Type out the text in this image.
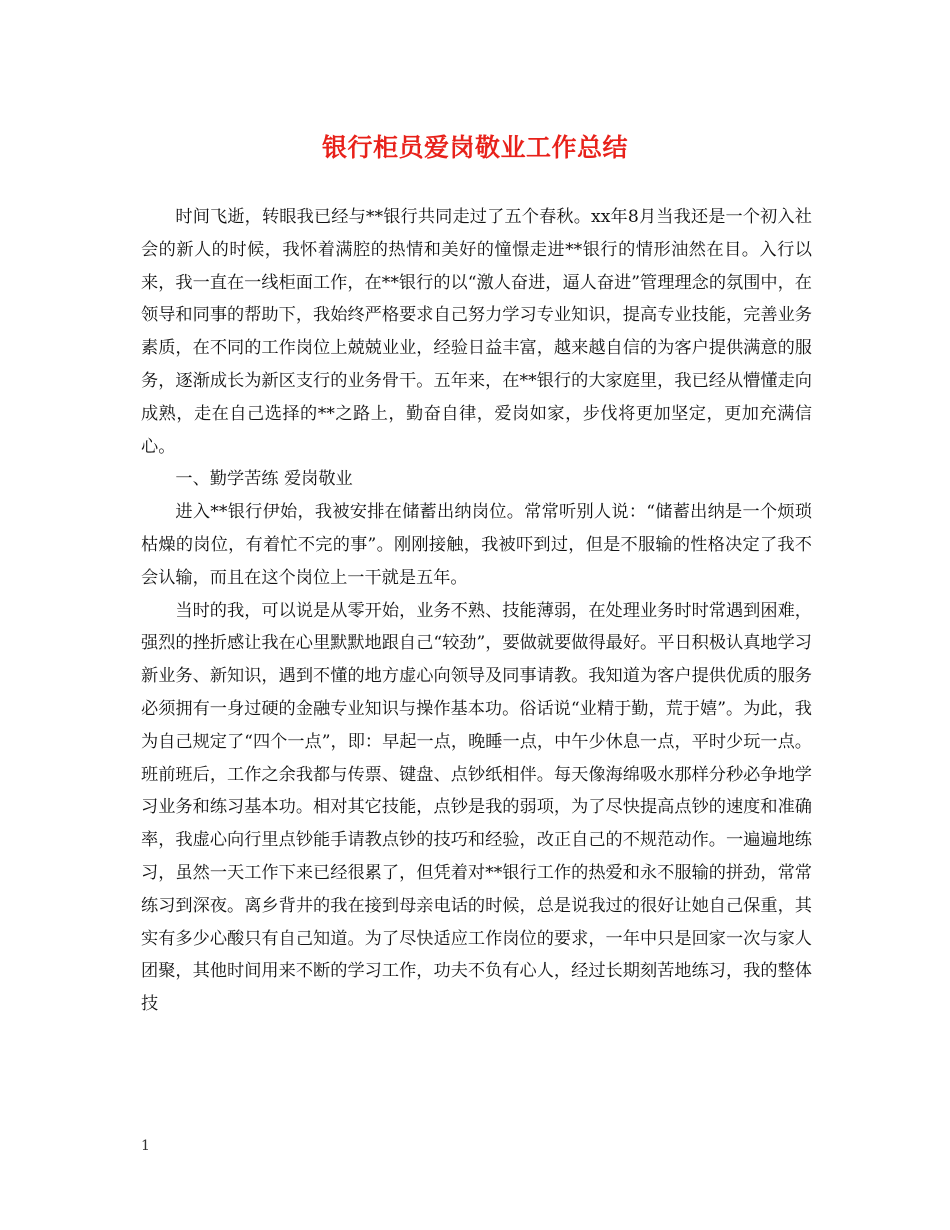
银行柜员爱岗敬业工作总结

时间飞逝，转眼我已经与**银行共同走过了五个春秋。xx年8月当我还是一个初入社会的新人的时候，我怀着满腔的热情和美好的憧憬走进**银行的情形油然在目。入行以来，我一直在一线柜面工作，在**银行的以“激人奋进，逼人奋进”管理理念的氛围中，在领导和同事的帮助下，我始终严格要求自己努力学习专业知识，提高专业技能，完善业务素质，在不同的工作岗位上兢兢业业，经验日益丰富，越来越自信的为客户提供满意的服务，逐渐成长为新区支行的业务骨干。五年来，在**银行的大家庭里，我已经从懵懂走向成熟，走在自己选择的**之路上，勤奋自律，爱岗如家，步伐将更加坚定，更加充满信心。

一、勤学苦练 爱岗敬业

进入**银行伊始，我被安排在储蓄出纳岗位。常常听别人说：“储蓄出纳是一个烦琐枯燥的岗位，有着忙不完的事”。刚刚接触，我被吓到过，但是不服输的性格决定了我不会认输，而且在这个岗位上一干就是五年。

当时的我，可以说是从零开始，业务不熟、技能薄弱，在处理业务时时常遇到困难，强烈的挫折感让我在心里默默地跟自己“较劲”，要做就要做得最好。平日积极认真地学习新业务、新知识，遇到不懂的地方虚心向领导及同事请教。我知道为客户提供优质的服务必须拥有一身过硬的金融专业知识与操作基本功。俗话说“业精于勤，荒于嬉”。为此，我为自己规定了“四个一点”，即：早起一点，晚睡一点，中午少休息一点，平时少玩一点。班前班后，工作之余我都与传票、键盘、点钞纸相伴。每天像海绵吸水那样分秒必争地学习业务和练习基本功。相对其它技能，点钞是我的弱项，为了尽快提高点钞的速度和准确率，我虚心向行里点钞能手请教点钞的技巧和经验，改正自己的不规范动作。一遍遍地练习，虽然一天工作下来已经很累了，但凭着对**银行工作的热爱和永不服输的拼劲，常常练习到深夜。离乡背井的我在接到母亲电话的时候，总是说我过的很好让她自己保重，其实有多少心酸只有自己知道。为了尽快适应工作岗位的要求，一年中只是回家一次与家人团聚，其他时间用来不断的学习工作，功夫不负有心人，经过长期刻苦地练习，我的整体技

1
